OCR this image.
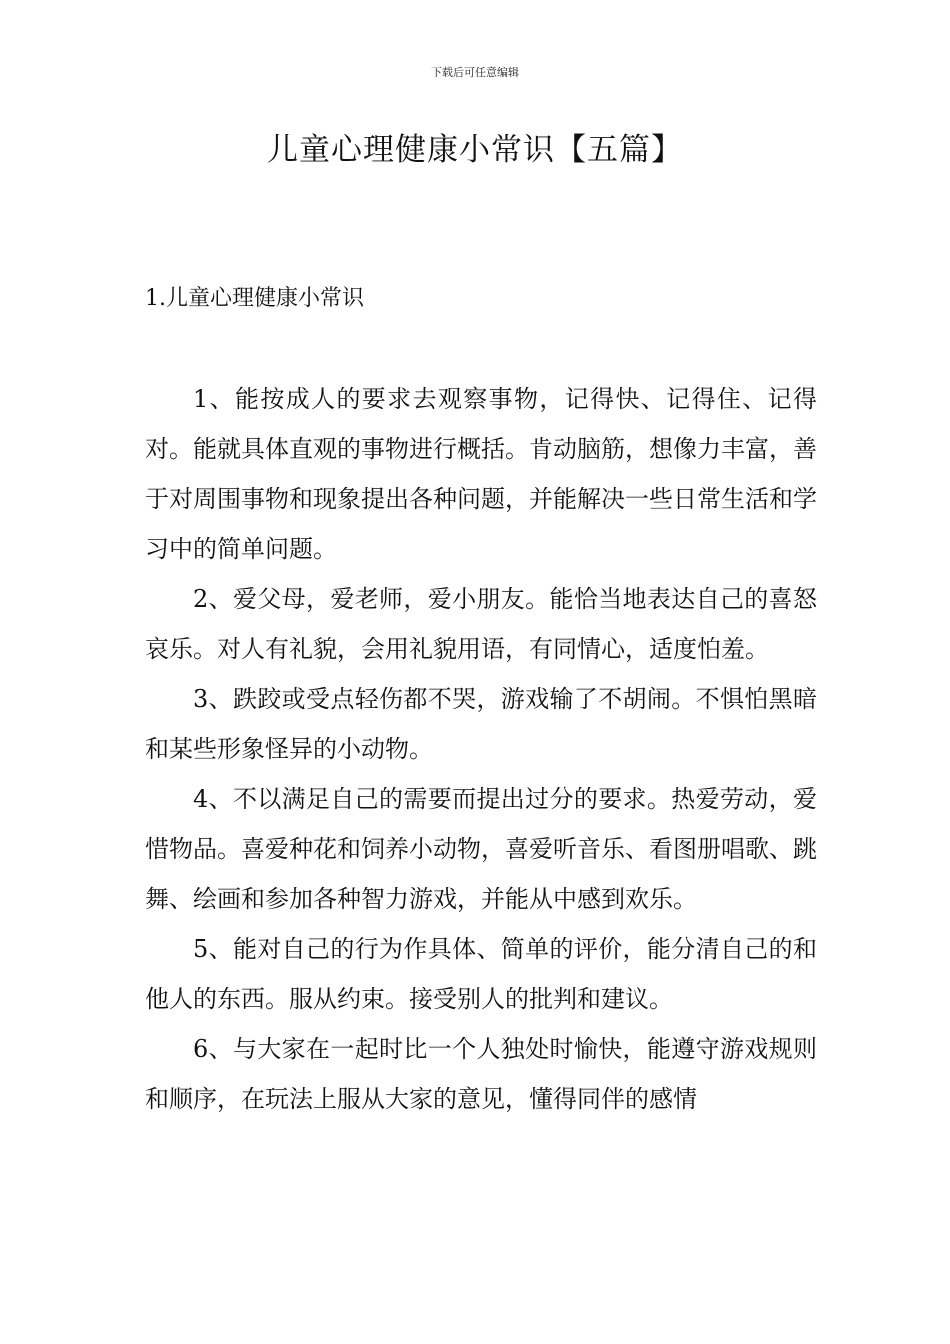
下载后可任意编辑
儿童心理健康小常识【五篇】
1.儿童心理健康小常识

1、能按成人的要求去观察事物，记得快、记得住、记得对。能就具体直观的事物进行概括。肯动脑筋，想像力丰富，善于对周围事物和现象提出各种问题，并能解决一些日常生活和学习中的简单问题。

2、爱父母，爱老师，爱小朋友。能恰当地表达自己的喜怒哀乐。对人有礼貌，会用礼貌用语，有同情心，适度怕羞。

3、跌跤或受点轻伤都不哭，游戏输了不胡闹。不惧怕黑暗和某些形象怪异的小动物。

4、不以满足自己的需要而提出过分的要求。热爱劳动，爱惜物品。喜爱种花和饲养小动物，喜爱听音乐、看图册唱歌、跳舞、绘画和参加各种智力游戏，并能从中感到欢乐。

5、能对自己的行为作具体、简单的评价，能分清自己的和他人的东西。服从约束。接受别人的批判和建议。

6、与大家在一起时比一个人独处时愉快，能遵守游戏规则和顺序，在玩法上服从大家的意见，懂得同伴的感情
